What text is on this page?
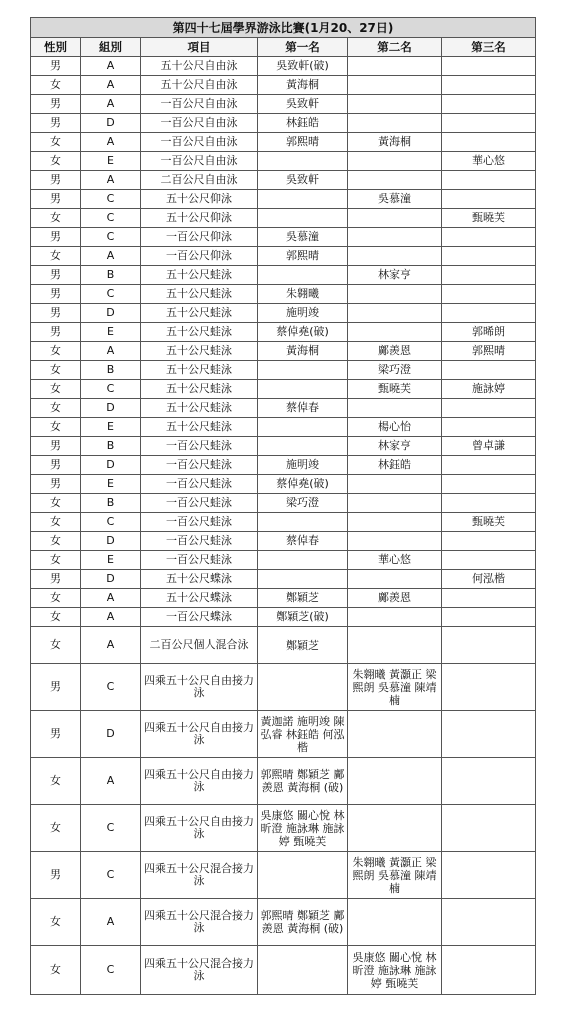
第四十七屆學界游泳比賽(1月20、27日)					
性別	組別	項目	第一名	第二名	第三名
男	A	五十公尺自由泳	吳致軒(破)		
女	A	五十公尺自由泳	黃海桐		
男	A	一百公尺自由泳	吳致軒		
男	D	一百公尺自由泳	林鈺皓		
女	A	一百公尺自由泳	郭熙晴	黃海桐	
女	E	一百公尺自由泳			華心悠
男	A	二百公尺自由泳	吳致軒		
男	C	五十公尺仰泳		吳慕潼	
女	C	五十公尺仰泳			甄曉芙
男	C	一百公尺仰泳	吳慕潼		
女	A	一百公尺仰泳	郭熙晴		
男	B	五十公尺蛙泳		林家亨	
男	C	五十公尺蛙泳	朱翱曦		
男	D	五十公尺蛙泳	施明竣		
男	E	五十公尺蛙泳	蔡倬堯(破)		郭晞朗
女	A	五十公尺蛙泳	黃海桐	鄺羨恩	郭熙晴
女	B	五十公尺蛙泳		梁巧澄	
女	C	五十公尺蛙泳		甄曉芙	施詠婷
女	D	五十公尺蛙泳	蔡倬春		
女	E	五十公尺蛙泳		楊心怡	
男	B	一百公尺蛙泳		林家亨	曾卓謙
男	D	一百公尺蛙泳	施明竣	林鈺皓	
男	E	一百公尺蛙泳	蔡倬堯(破)		
女	B	一百公尺蛙泳	梁巧澄		
女	C	一百公尺蛙泳			甄曉芙
女	D	一百公尺蛙泳	蔡倬春		
女	E	一百公尺蛙泳		華心悠	
男	D	五十公尺蝶泳			何泓楷
女	A	五十公尺蝶泳	鄭穎芝	鄺羨恩	
女	A	一百公尺蝶泳	鄭穎芝(破)		
女	A	二百公尺個人混合泳	鄭穎芝		
男	C	四乘五十公尺自由接力泳		朱翱曦 黃灝正 梁熙朗 吳慕潼 陳靖楠	
男	D	四乘五十公尺自由接力泳	黃迦諾 施明竣 陳弘睿 林鈺皓 何泓楷		
女	A	四乘五十公尺自由接力泳	郭熙晴 鄭穎芝 鄺羨恩 黃海桐 (破)		
女	C	四乘五十公尺自由接力泳	吳康悠 關心悅 林昕澄 施詠琳 施詠婷 甄曉芙		
男	C	四乘五十公尺混合接力泳		朱翱曦 黃灝正 梁熙朗 吳慕潼 陳靖楠	
女	A	四乘五十公尺混合接力泳	郭熙晴 鄭穎芝 鄺羨恩 黃海桐 (破)		
女	C	四乘五十公尺混合接力泳		吳康悠 關心悅 林昕澄 施詠琳 施詠婷 甄曉芙	
